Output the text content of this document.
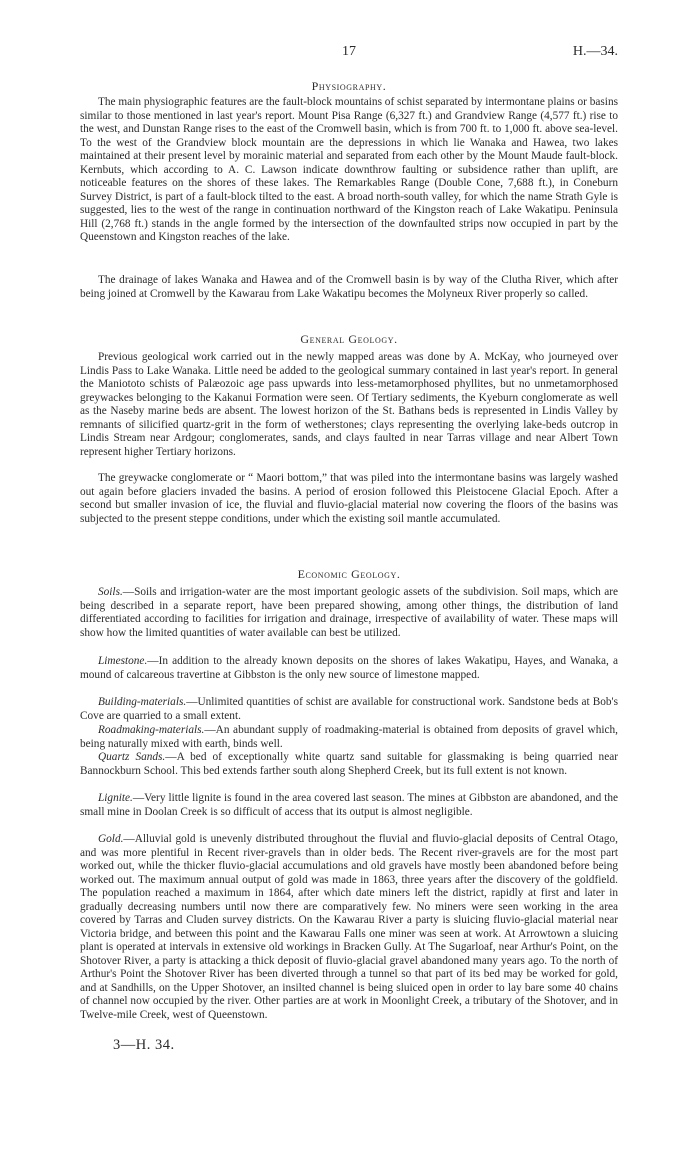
17	H.—34.
Physiography.

The main physiographic features are the fault-block mountains of schist separated by intermontane plains or basins similar to those mentioned in last year's report. Mount Pisa Range (6,327 ft.) and Grandview Range (4,577 ft.) rise to the west, and Dunstan Range rises to the east of the Cromwell basin, which is from 700 ft. to 1,000 ft. above sea-level. To the west of the Grandview block mountain are the depressions in which lie Wanaka and Hawea, two lakes maintained at their present level by morainic material and separated from each other by the Mount Maude fault-block. Kernbuts, which according to A. C. Lawson indicate downthrow faulting or subsidence rather than uplift, are noticeable features on the shores of these lakes. The Remarkables Range (Double Cone, 7,688 ft.), in Coneburn Survey District, is part of a fault-block tilted to the east. A broad north-south valley, for which the name Strath Gyle is suggested, lies to the west of the range in continuation northward of the Kingston reach of Lake Wakatipu. Peninsula Hill (2,768 ft.) stands in the angle formed by the intersection of the downfaulted strips now occupied in part by the Queenstown and Kingston reaches of the lake.

The drainage of lakes Wanaka and Hawea and of the Cromwell basin is by way of the Clutha River, which after being joined at Cromwell by the Kawarau from Lake Wakatipu becomes the Molyneux River properly so called.

General Geology.

Previous geological work carried out in the newly mapped areas was done by A. McKay, who journeyed over Lindis Pass to Lake Wanaka. Little need be added to the geological summary contained in last year's report. In general the Maniototo schists of Palæozoic age pass upwards into less-metamorphosed phyllites, but no unmetamorphosed greywackes belonging to the Kakanui Formation were seen. Of Tertiary sediments, the Kyeburn conglomerate as well as the Naseby marine beds are absent. The lowest horizon of the St. Bathans beds is represented in Lindis Valley by remnants of silicified quartz-grit in the form of wetherstones; clays representing the overlying lake-beds outcrop in Lindis Stream near Ardgour; conglomerates, sands, and clays faulted in near Tarras village and near Albert Town represent higher Tertiary horizons.

The greywacke conglomerate or “ Maori bottom,” that was piled into the intermontane basins was largely washed out again before glaciers invaded the basins. A period of erosion followed this Pleistocene Glacial Epoch. After a second but smaller invasion of ice, the fluvial and fluvio-glacial material now covering the floors of the basins was subjected to the present steppe conditions, under which the existing soil mantle accumulated.

Economic Geology.

Soils.—Soils and irrigation-water are the most important geologic assets of the subdivision. Soil maps, which are being described in a separate report, have been prepared showing, among other things, the distribution of land differentiated according to facilities for irrigation and drainage, irrespective of availability of water. These maps will show how the limited quantities of water available can best be utilized.

Limestone.—In addition to the already known deposits on the shores of lakes Wakatipu, Hayes, and Wanaka, a mound of calcareous travertine at Gibbston is the only new source of limestone mapped.

Building-materials.—Unlimited quantities of schist are available for constructional work. Sandstone beds at Bob's Cove are quarried to a small extent.

Roadmaking-materials.—An abundant supply of roadmaking-material is obtained from deposits of gravel which, being naturally mixed with earth, binds well.

Quartz Sands.—A bed of exceptionally white quartz sand suitable for glassmaking is being quarried near Bannockburn School. This bed extends farther south along Shepherd Creek, but its full extent is not known.

Lignite.—Very little lignite is found in the area covered last season. The mines at Gibbston are abandoned, and the small mine in Doolan Creek is so difficult of access that its output is almost negligible.

Gold.—Alluvial gold is unevenly distributed throughout the fluvial and fluvio-glacial deposits of Central Otago, and was more plentiful in Recent river-gravels than in older beds. The Recent river-gravels are for the most part worked out, while the thicker fluvio-glacial accumulations and old gravels have mostly been abandoned before being worked out. The maximum annual output of gold was made in 1863, three years after the discovery of the goldfield. The population reached a maximum in 1864, after which date miners left the district, rapidly at first and later in gradually decreasing numbers until now there are comparatively few. No miners were seen working in the area covered by Tarras and Cluden survey districts. On the Kawarau River a party is sluicing fluvio-glacial material near Victoria bridge, and between this point and the Kawarau Falls one miner was seen at work. At Arrowtown a sluicing plant is operated at intervals in extensive old workings in Bracken Gully. At The Sugarloaf, near Arthur's Point, on the Shotover River, a party is attacking a thick deposit of fluvio-glacial gravel abandoned many years ago. To the north of Arthur's Point the Shotover River has been diverted through a tunnel so that part of its bed may be worked for gold, and at Sandhills, on the Upper Shotover, an insilted channel is being sluiced open in order to lay bare some 40 chains of channel now occupied by the river. Other parties are at work in Moonlight Creek, a tributary of the Shotover, and in Twelve-mile Creek, west of Queenstown.

3—H. 34.
